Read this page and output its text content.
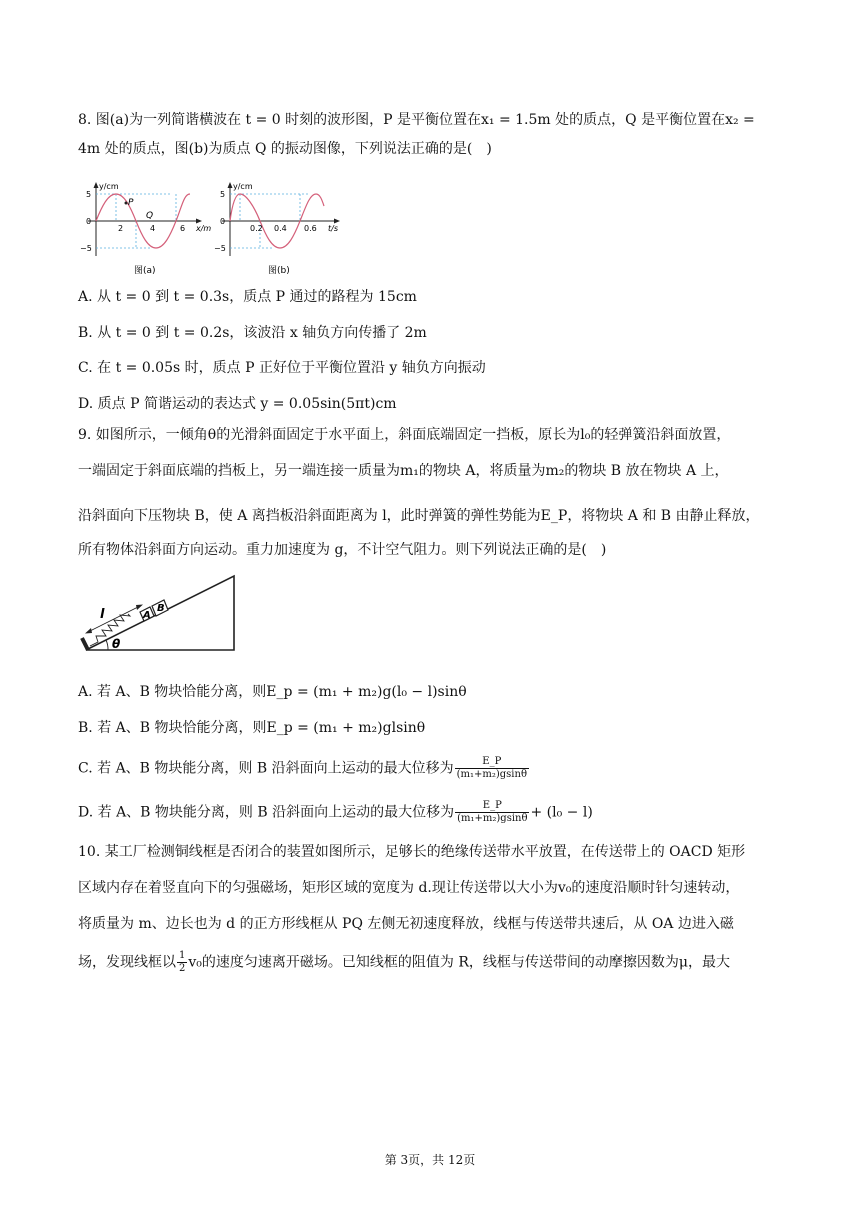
8. 图(a)为一列简谐横波在 t = 0 时刻的波形图，P 是平衡位置在x₁ = 1.5m 处的质点，Q 是平衡位置在x₂ =
4m 处的质点，图(b)为质点 Q 的振动图像，下列说法正确的是(　)
P
Q
y/cm
5
0
−5
2	4	6 x/m
图(a)
y/cm
5
0
−5
0.2 0.4 0.6 t/s
图(b)
A. 从 t = 0 到 t = 0.3s，质点 P 通过的路程为 15cm
B. 从 t = 0 到 t = 0.2s，该波沿 x 轴负方向传播了 2m
C. 在 t = 0.05s 时，质点 P 正好位于平衡位置沿 y 轴负方向振动
D. 质点 P 简谐运动的表达式 y = 0.05sin(5πt)cm
9. 如图所示，一倾角θ的光滑斜面固定于水平面上，斜面底端固定一挡板，原长为l₀的轻弹簧沿斜面放置，
一端固定于斜面底端的挡板上，另一端连接一质量为m₁的物块 A，将质量为m₂的物块 B 放在物块 A 上，
沿斜面向下压物块 B，使 A 离挡板沿斜面距离为 l，此时弹簧的弹性势能为E_P，将物块 A 和 B 由静止释放，
所有物体沿斜面方向运动。重力加速度为 g，不计空气阻力。则下列说法正确的是(　)
l	A
B
θ
A. 若 A、B 物块恰能分离，则E_p = (m₁ + m₂)g(l₀ − l)sinθ
B. 若 A、B 物块恰能分离，则E_p = (m₁ + m₂)glsinθ
C. 若 A、B 物块能分离，则 B 沿斜面向上运动的最大位移为 $\frac{E\_P}{\text{(m₁+m₂)gsinθ}}$
D. 若 A、B 物块能分离，则 B 沿斜面向上运动的最大位移为 $\frac{E\_P}{\text{(m₁+m₂)gsinθ}} + (l_0 - l)$
10. 某工厂检测铜线框是否闭合的装置如图所示，足够长的绝缘传送带水平放置，在传送带上的 OACD 矩形
区域内存在着竖直向下的匀强磁场，矩形区域的宽度为 d.现让传送带以大小为v₀的速度沿顺时针匀速转动，
将质量为 m、边长也为 d 的正方形线框从 PQ 左侧无初速度释放，线框与传送带共速后，从 OA 边进入磁
场，发现线框以 $\frac{1}{2} v_0$的速度匀速离开磁场。已知线框的阻值为 R，线框与传送带间的动摩擦因数为μ，最大
第 3页，共 12页
